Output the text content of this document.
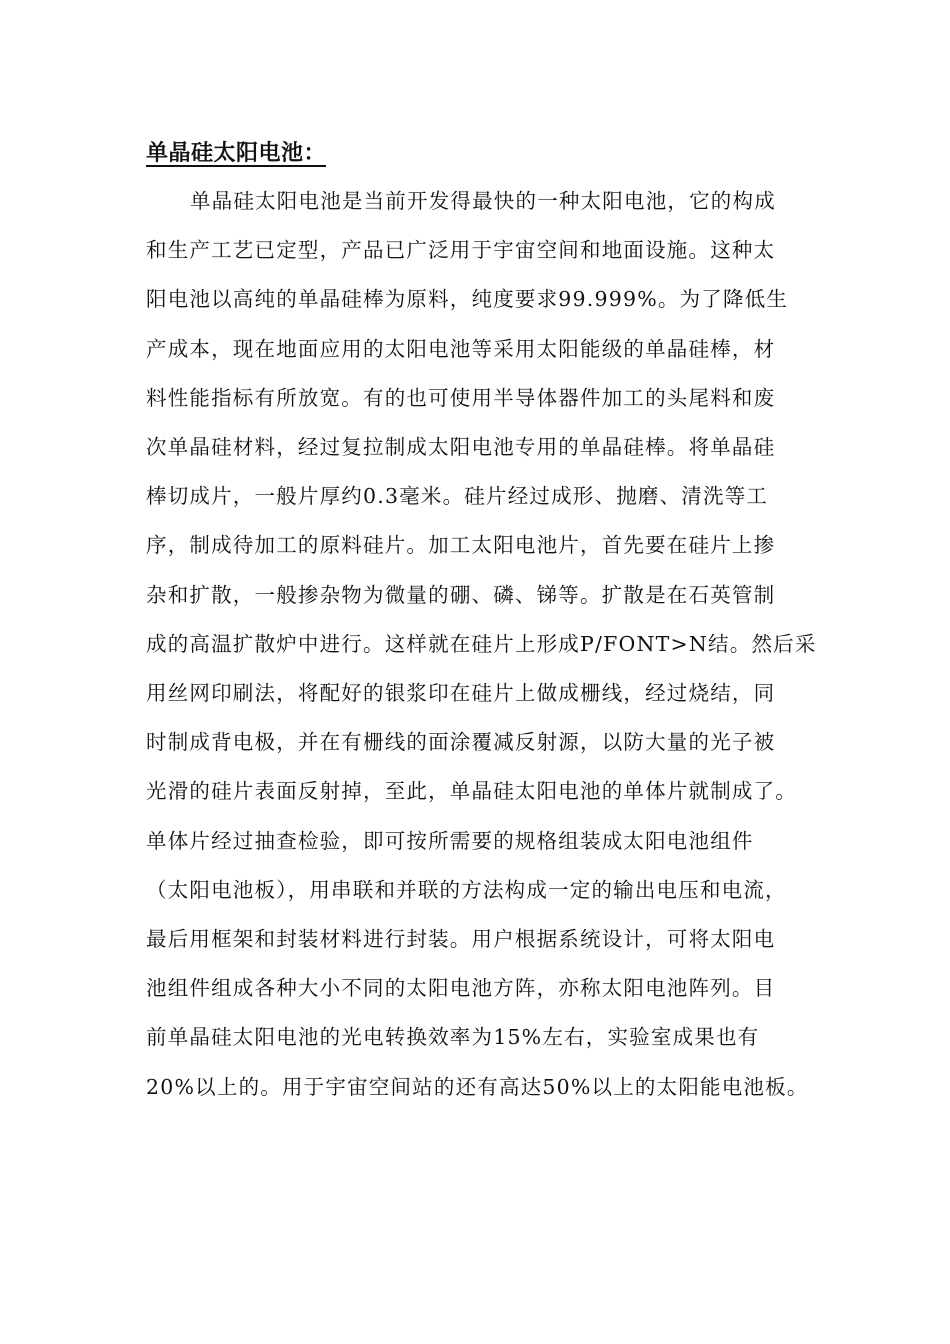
单晶硅太阳电池：
单晶硅太阳电池是当前开发得最快的一种太阳电池，它的构成
和生产工艺已定型，产品已广泛用于宇宙空间和地面设施。这种太
阳电池以高纯的单晶硅棒为原料，纯度要求99.999%。为了降低生
产成本，现在地面应用的太阳电池等采用太阳能级的单晶硅棒，材
料性能指标有所放宽。有的也可使用半导体器件加工的头尾料和废
次单晶硅材料，经过复拉制成太阳电池专用的单晶硅棒。将单晶硅
棒切成片，一般片厚约0.3毫米。硅片经过成形、抛磨、清洗等工
序，制成待加工的原料硅片。加工太阳电池片，首先要在硅片上掺
杂和扩散，一般掺杂物为微量的硼、磷、锑等。扩散是在石英管制
成的高温扩散炉中进行。这样就在硅片上形成P/FONT>N结。然后采
用丝网印刷法，将配好的银浆印在硅片上做成栅线，经过烧结，同
时制成背电极，并在有栅线的面涂覆减反射源，以防大量的光子被
光滑的硅片表面反射掉，至此，单晶硅太阳电池的单体片就制成了。
单体片经过抽查检验，即可按所需要的规格组装成太阳电池组件
（太阳电池板），用串联和并联的方法构成一定的输出电压和电流，
最后用框架和封装材料进行封装。用户根据系统设计，可将太阳电
池组件组成各种大小不同的太阳电池方阵，亦称太阳电池阵列。目
前单晶硅太阳电池的光电转换效率为15%左右，实验室成果也有
20%以上的。用于宇宙空间站的还有高达50%以上的太阳能电池板。
